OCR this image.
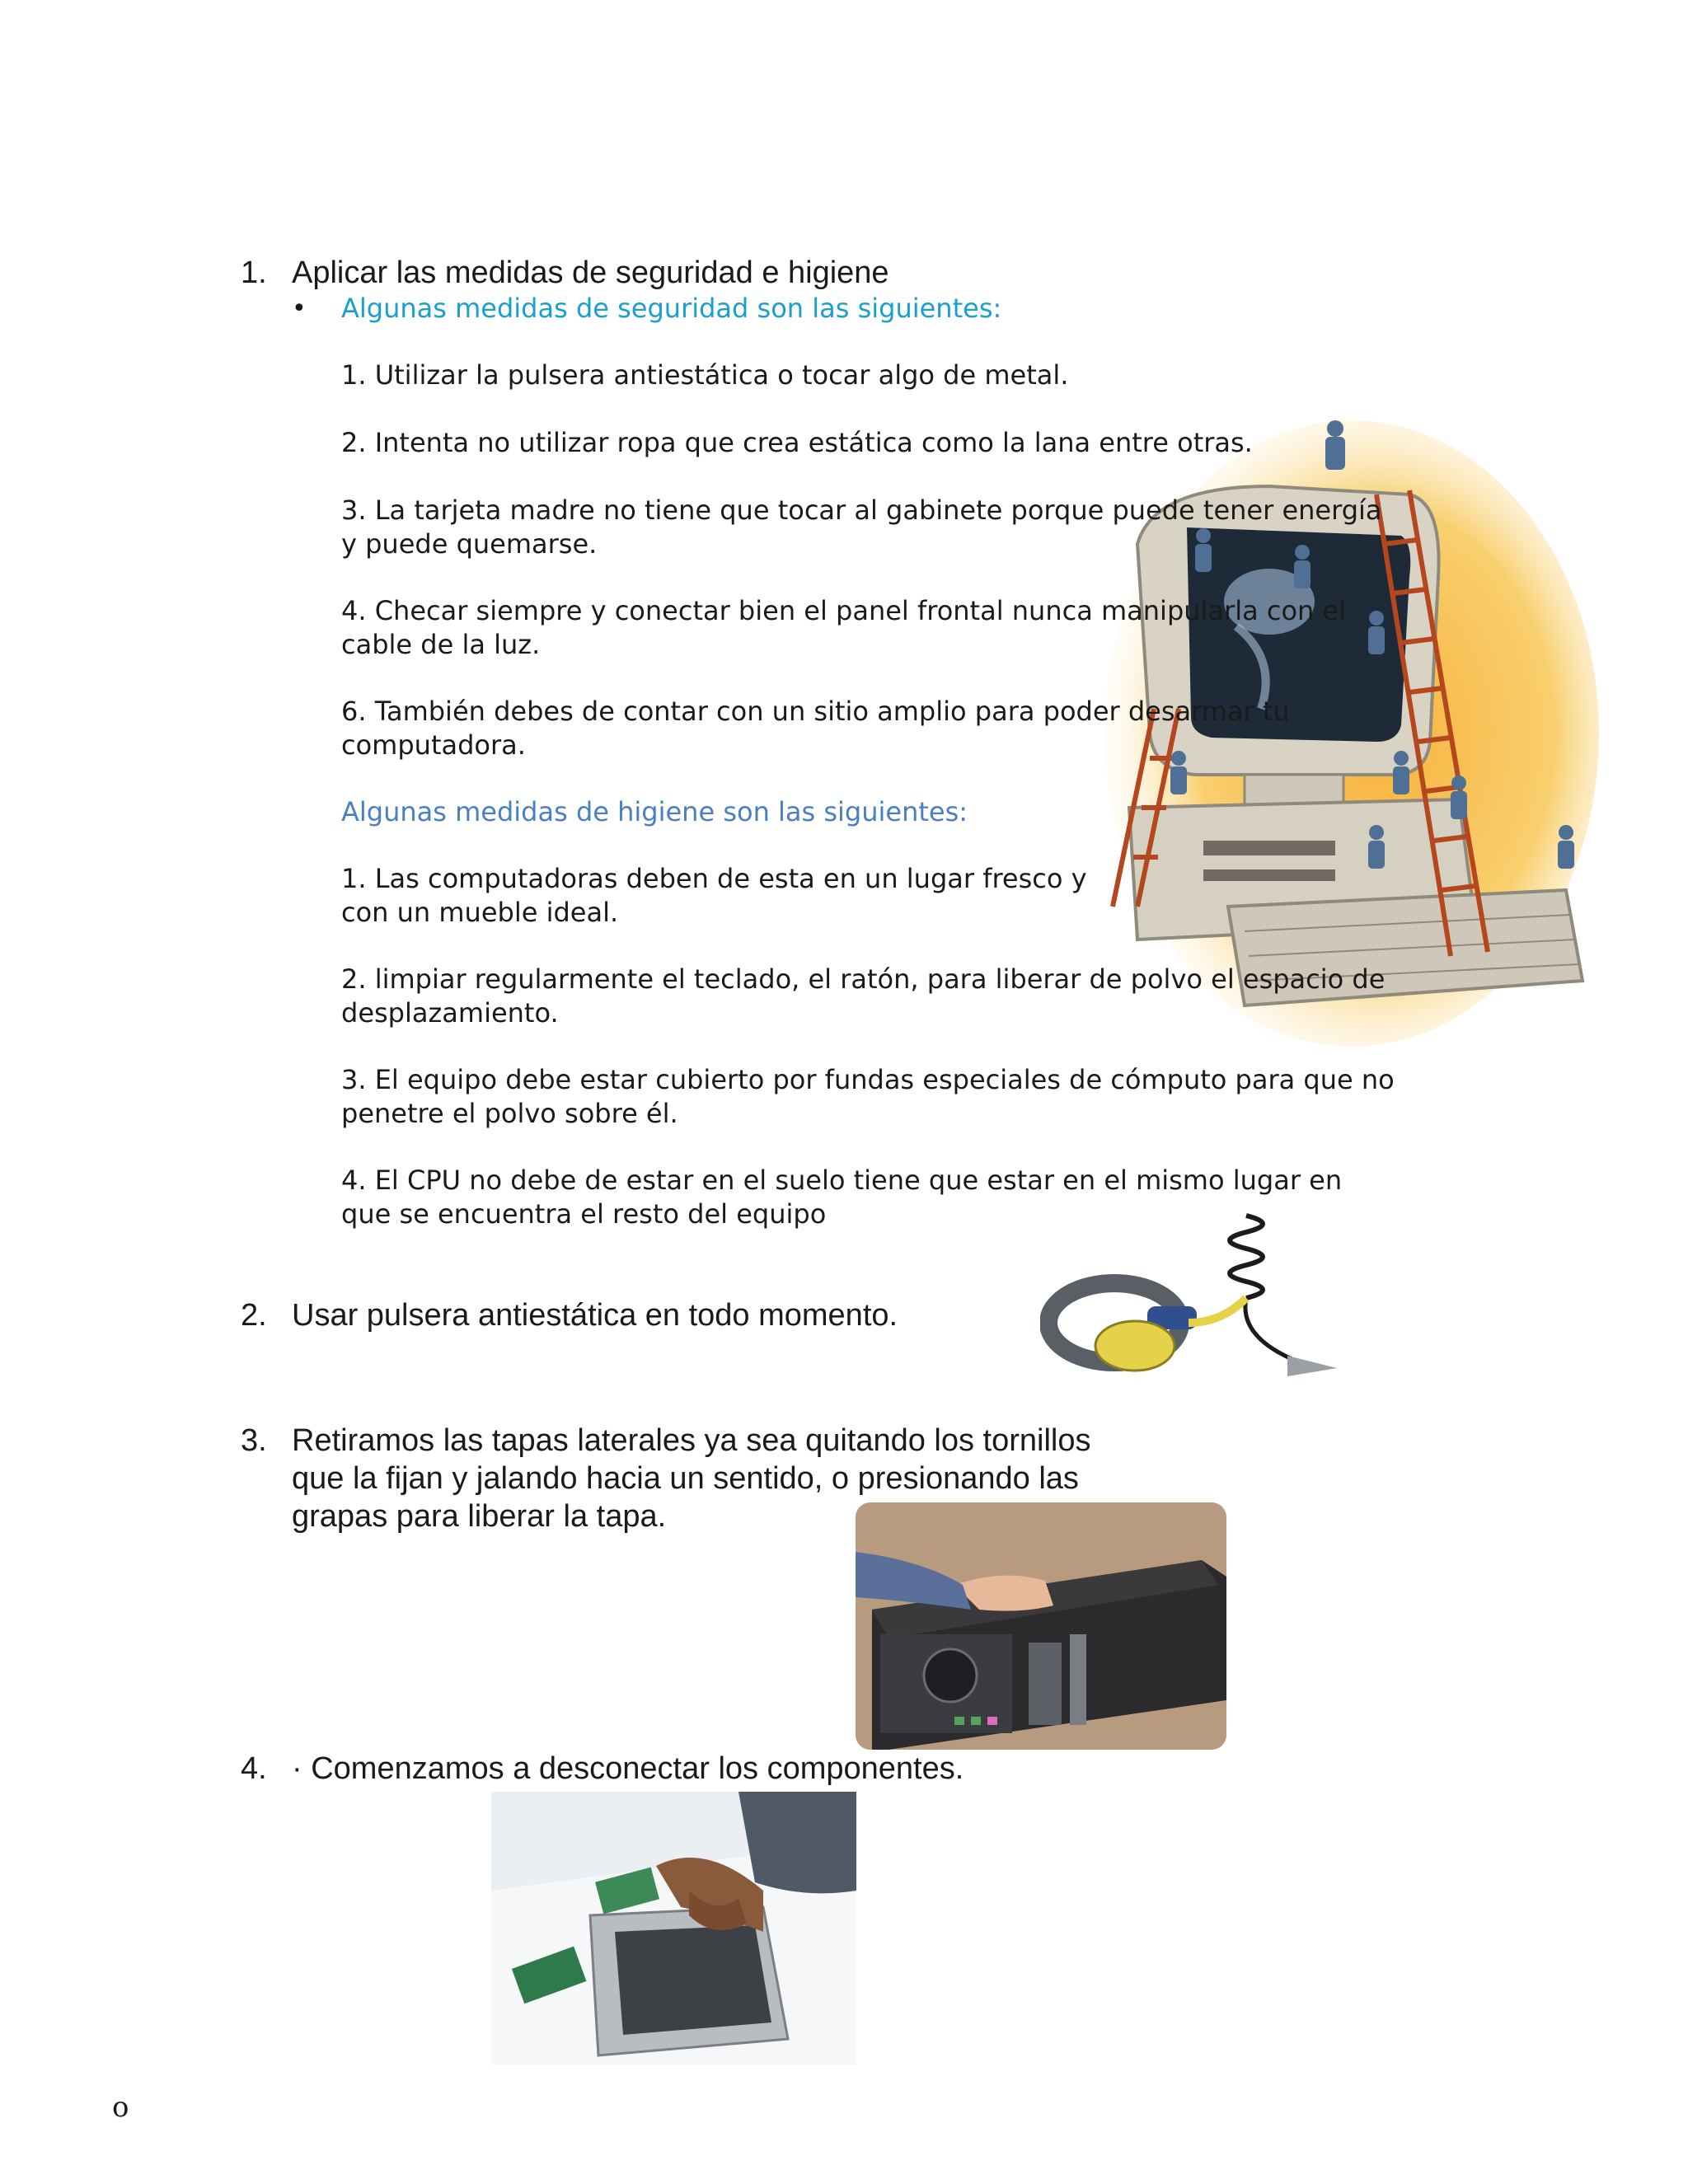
1. Aplicar las medidas de seguridad e higiene
• Algunas medidas de seguridad son las siguientes:
1. Utilizar la pulsera antiestática o tocar algo de metal.
2. Intenta no utilizar ropa que crea estática como la lana entre otras.
3. La tarjeta madre no tiene que tocar al gabinete porque puede tener energía
y puede quemarse.
4. Checar siempre y conectar bien el panel frontal nunca manipularla con el
cable de la luz.
6. También debes de contar con un sitio amplio para poder desarmar tu
computadora.
Algunas medidas de higiene son las siguientes:
1. Las computadoras deben de esta en un lugar fresco y
con un mueble ideal.
2. limpiar regularmente el teclado, el ratón, para liberar de polvo el espacio de
desplazamiento.
3. El equipo debe estar cubierto por fundas especiales de cómputo para que no
penetre el polvo sobre él.
4. El CPU no debe de estar en el suelo tiene que estar en el mismo lugar en
que se encuentra el resto del equipo
2. Usar pulsera antiestática en todo momento.
3. Retiramos las tapas laterales ya sea quitando los tornillos
que la fijan y jalando hacia un sentido, o presionando las
grapas para liberar la tapa.
4. · Comenzamos a desconectar los componentes.
o
